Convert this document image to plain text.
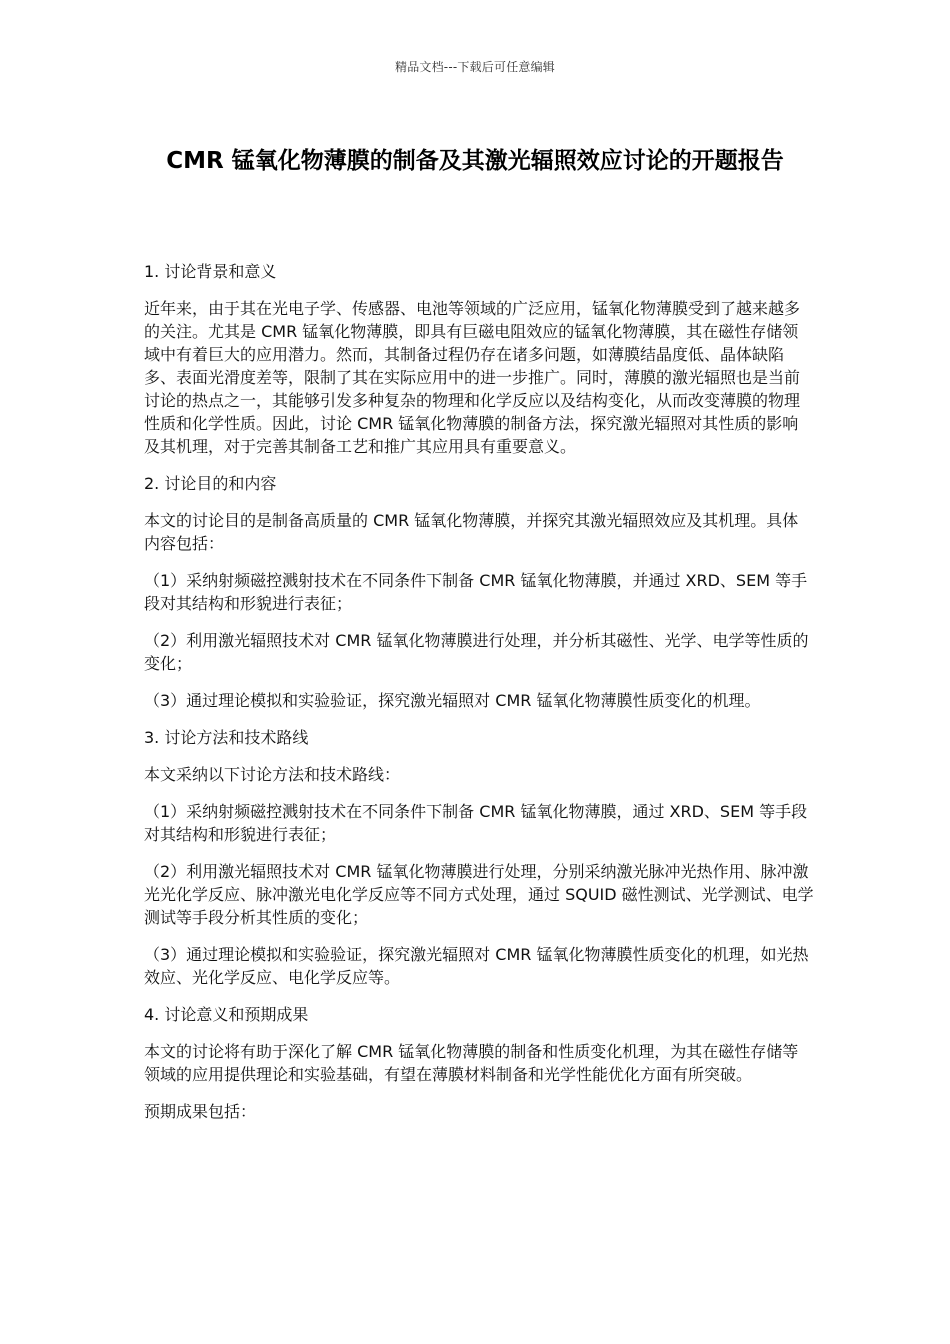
精品文档---下载后可任意编辑
CMR 锰氧化物薄膜的制备及其激光辐照效应讨论的开题报告

1. 讨论背景和意义

近年来，由于其在光电子学、传感器、电池等领域的广泛应用，锰氧化物薄膜受到了越来越多的关注。尤其是 CMR 锰氧化物薄膜，即具有巨磁电阻效应的锰氧化物薄膜，其在磁性存储领域中有着巨大的应用潜力。然而，其制备过程仍存在诸多问题，如薄膜结晶度低、晶体缺陷多、表面光滑度差等，限制了其在实际应用中的进一步推广。同时，薄膜的激光辐照也是当前讨论的热点之一，其能够引发多种复杂的物理和化学反应以及结构变化，从而改变薄膜的物理性质和化学性质。因此，讨论 CMR 锰氧化物薄膜的制备方法，探究激光辐照对其性质的影响及其机理，对于完善其制备工艺和推广其应用具有重要意义。

2. 讨论目的和内容

本文的讨论目的是制备高质量的 CMR 锰氧化物薄膜，并探究其激光辐照效应及其机理。具体内容包括：

（1）采纳射频磁控溅射技术在不同条件下制备 CMR 锰氧化物薄膜，并通过 XRD、SEM 等手段对其结构和形貌进行表征；

（2）利用激光辐照技术对 CMR 锰氧化物薄膜进行处理，并分析其磁性、光学、电学等性质的变化；

（3）通过理论模拟和实验验证，探究激光辐照对 CMR 锰氧化物薄膜性质变化的机理。

3. 讨论方法和技术路线

本文采纳以下讨论方法和技术路线：

（1）采纳射频磁控溅射技术在不同条件下制备 CMR 锰氧化物薄膜，通过 XRD、SEM 等手段对其结构和形貌进行表征；

（2）利用激光辐照技术对 CMR 锰氧化物薄膜进行处理，分别采纳激光脉冲光热作用、脉冲激光光化学反应、脉冲激光电化学反应等不同方式处理，通过 SQUID 磁性测试、光学测试、电学测试等手段分析其性质的变化；

（3）通过理论模拟和实验验证，探究激光辐照对 CMR 锰氧化物薄膜性质变化的机理，如光热效应、光化学反应、电化学反应等。

4. 讨论意义和预期成果

本文的讨论将有助于深化了解 CMR 锰氧化物薄膜的制备和性质变化机理，为其在磁性存储等领域的应用提供理论和实验基础，有望在薄膜材料制备和光学性能优化方面有所突破。

预期成果包括：
